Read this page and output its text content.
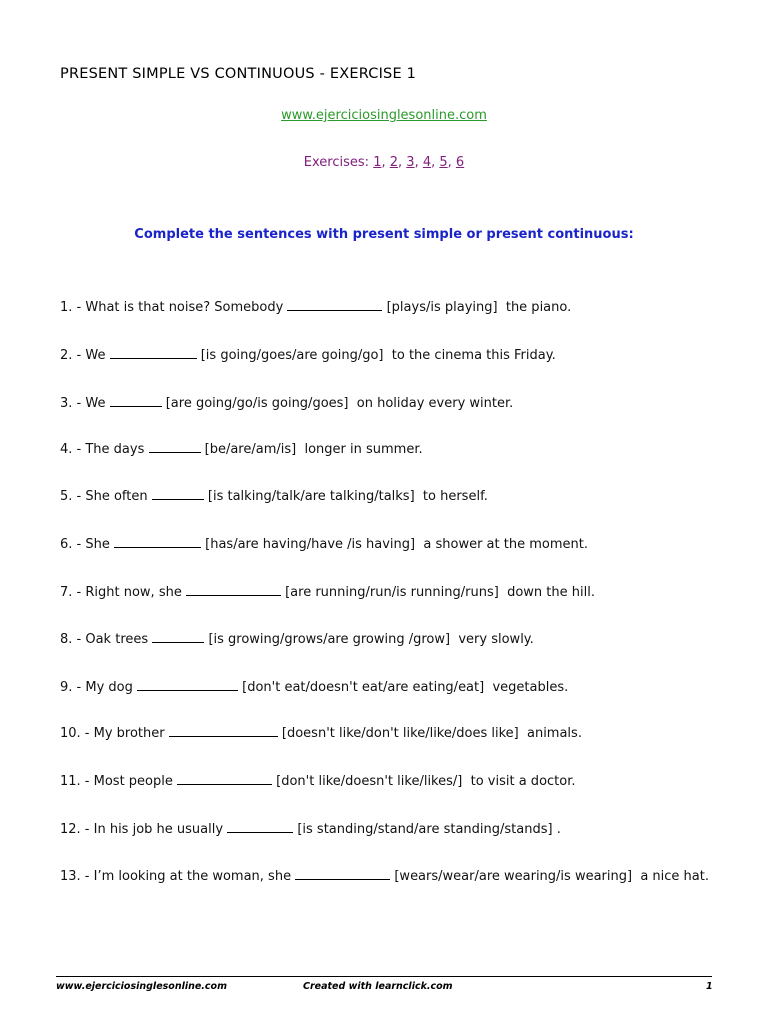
PRESENT SIMPLE VS CONTINUOUS - EXERCISE 1
www.ejerciciosinglesonline.com
Exercises: 1, 2, 3, 4, 5, 6
Complete the sentences with present simple or present continuous:
1. - What is that noise? Somebody	[plays/is playing] the piano.
2. - We	[is going/goes/are going/go] to the cinema this Friday.
3. - We	[are going/go/is going/goes] on holiday every winter.
4. - The days	[be/are/am/is] longer in summer.
5. - She often	[is talking/talk/are talking/talks] to herself.
6. - She	[has/are having/have /is having] a shower at the moment.
7. - Right now, she	[are running/run/is running/runs] down the hill.
8. - Oak trees	[is growing/grows/are growing /grow] very slowly.
9. - My dog	[don't eat/doesn't eat/are eating/eat] vegetables.
10. - My brother	[doesn't like/don't like/like/does like] animals.
11. - Most people	[don't like/doesn't like/likes/] to visit a doctor.
12. - In his job he usually	[is standing/stand/are standing/stands] .
13. - I’m looking at the woman, she	[wears/wear/are wearing/is wearing] a nice hat.
www.ejerciciosinglesonline.com	Created with learnclick.com	1
